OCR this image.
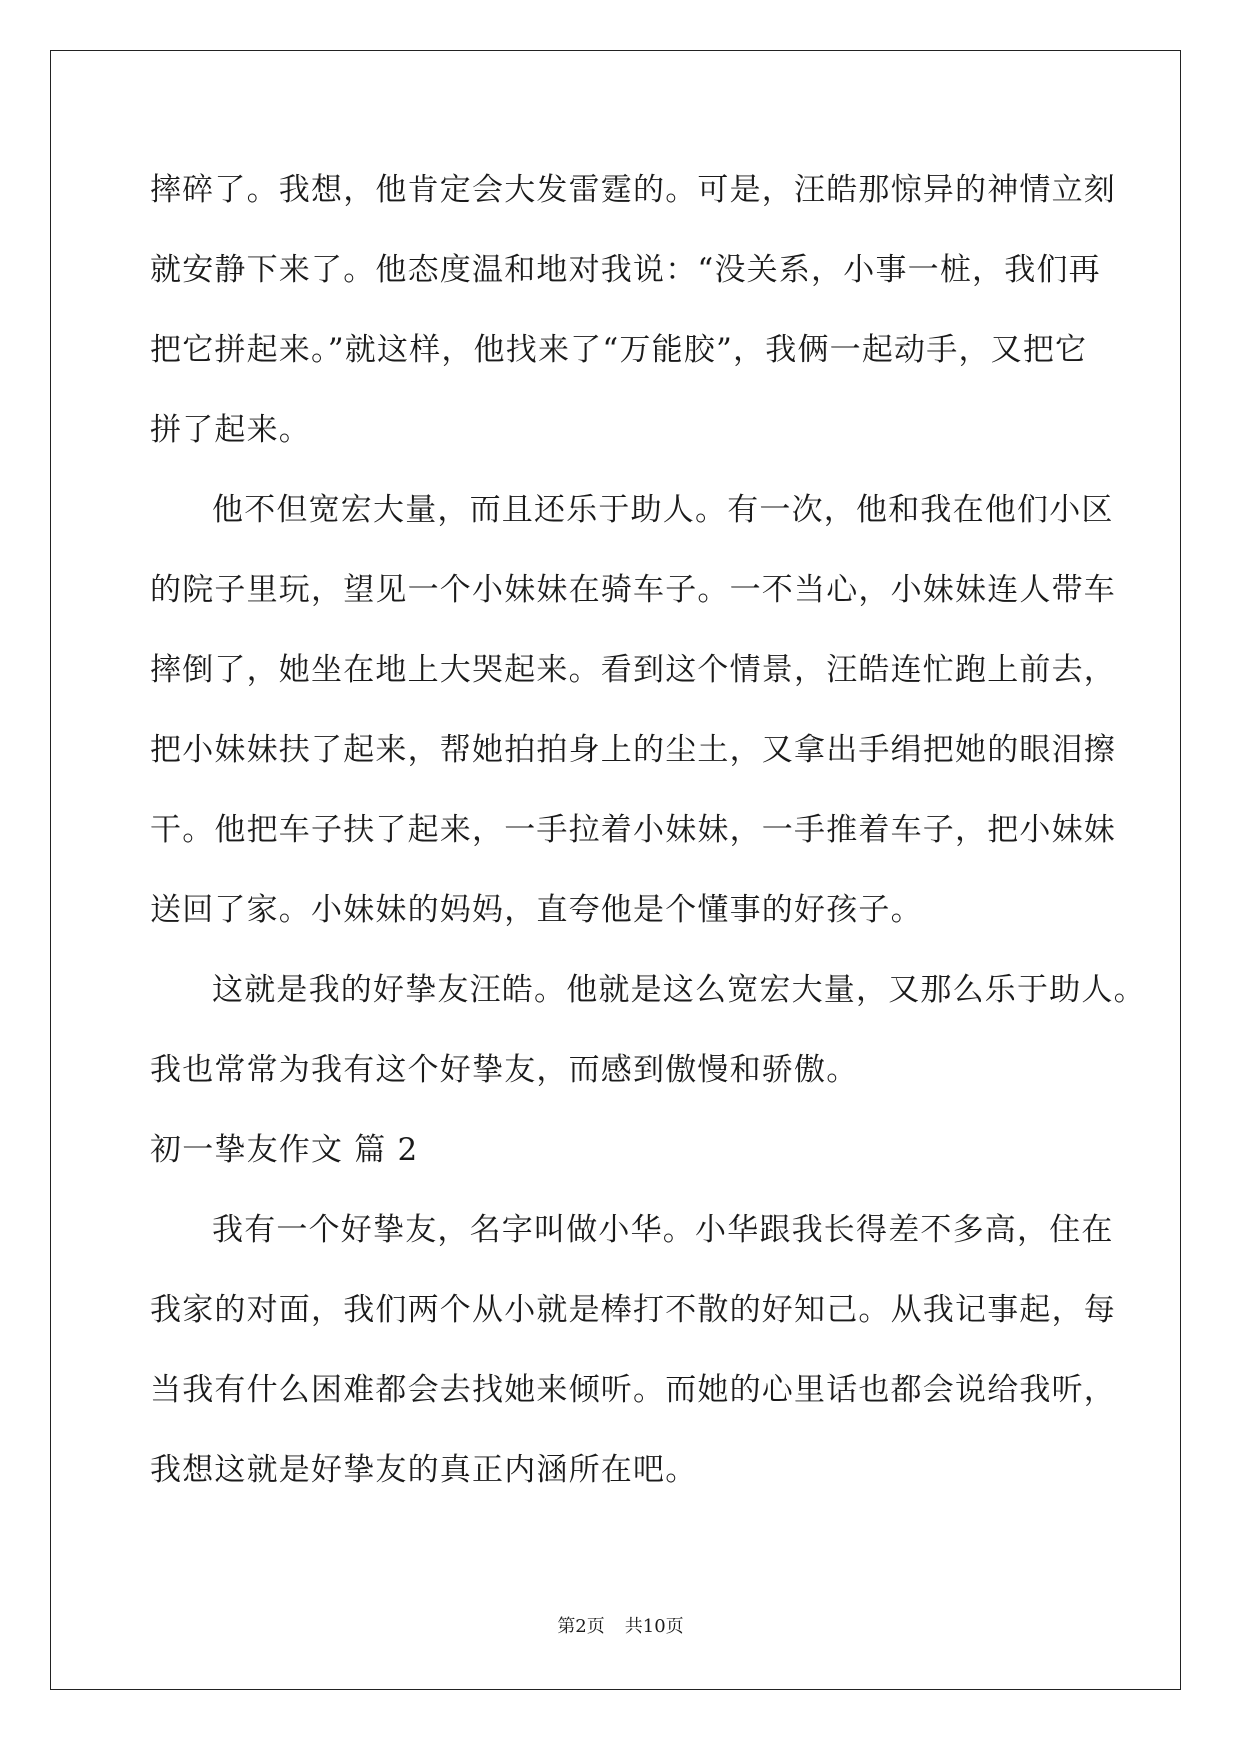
摔碎了。我想，他肯定会大发雷霆的。可是，汪皓那惊异的神情立刻
就安静下来了。他态度温和地对我说：“没关系，小事一桩，我们再
把它拼起来。”就这样，他找来了“万能胶”，我俩一起动手，又把它
拼了起来。
他不但宽宏大量，而且还乐于助人。有一次，他和我在他们小区
的院子里玩，望见一个小妹妹在骑车子。一不当心，小妹妹连人带车
摔倒了，她坐在地上大哭起来。看到这个情景，汪皓连忙跑上前去，
把小妹妹扶了起来，帮她拍拍身上的尘土，又拿出手绢把她的眼泪擦
干。他把车子扶了起来，一手拉着小妹妹，一手推着车子，把小妹妹
送回了家。小妹妹的妈妈，直夸他是个懂事的好孩子。
这就是我的好挚友汪皓。他就是这么宽宏大量，又那么乐于助人。
我也常常为我有这个好挚友，而感到傲慢和骄傲。
初一挚友作文 篇 2
我有一个好挚友，名字叫做小华。小华跟我长得差不多高，住在
我家的对面，我们两个从小就是棒打不散的好知己。从我记事起，每
当我有什么困难都会去找她来倾听。而她的心里话也都会说给我听，
我想这就是好挚友的真正内涵所在吧。
第2页 共10页
